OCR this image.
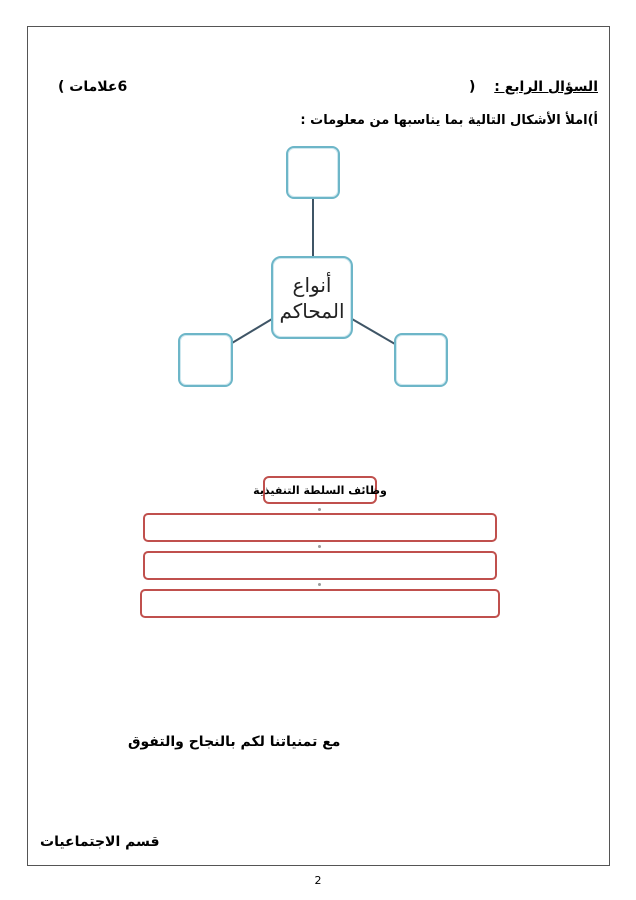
السؤال الرابع : (
6علامات )
أ)املأ الأشكال التالية بما يناسبها من معلومات :
أنواع
المحاكم
وظائف السلطة التنفيذية
مع تمنياتنا لكم بالنجاح والتفوق
قسم الاجتماعيات
2
